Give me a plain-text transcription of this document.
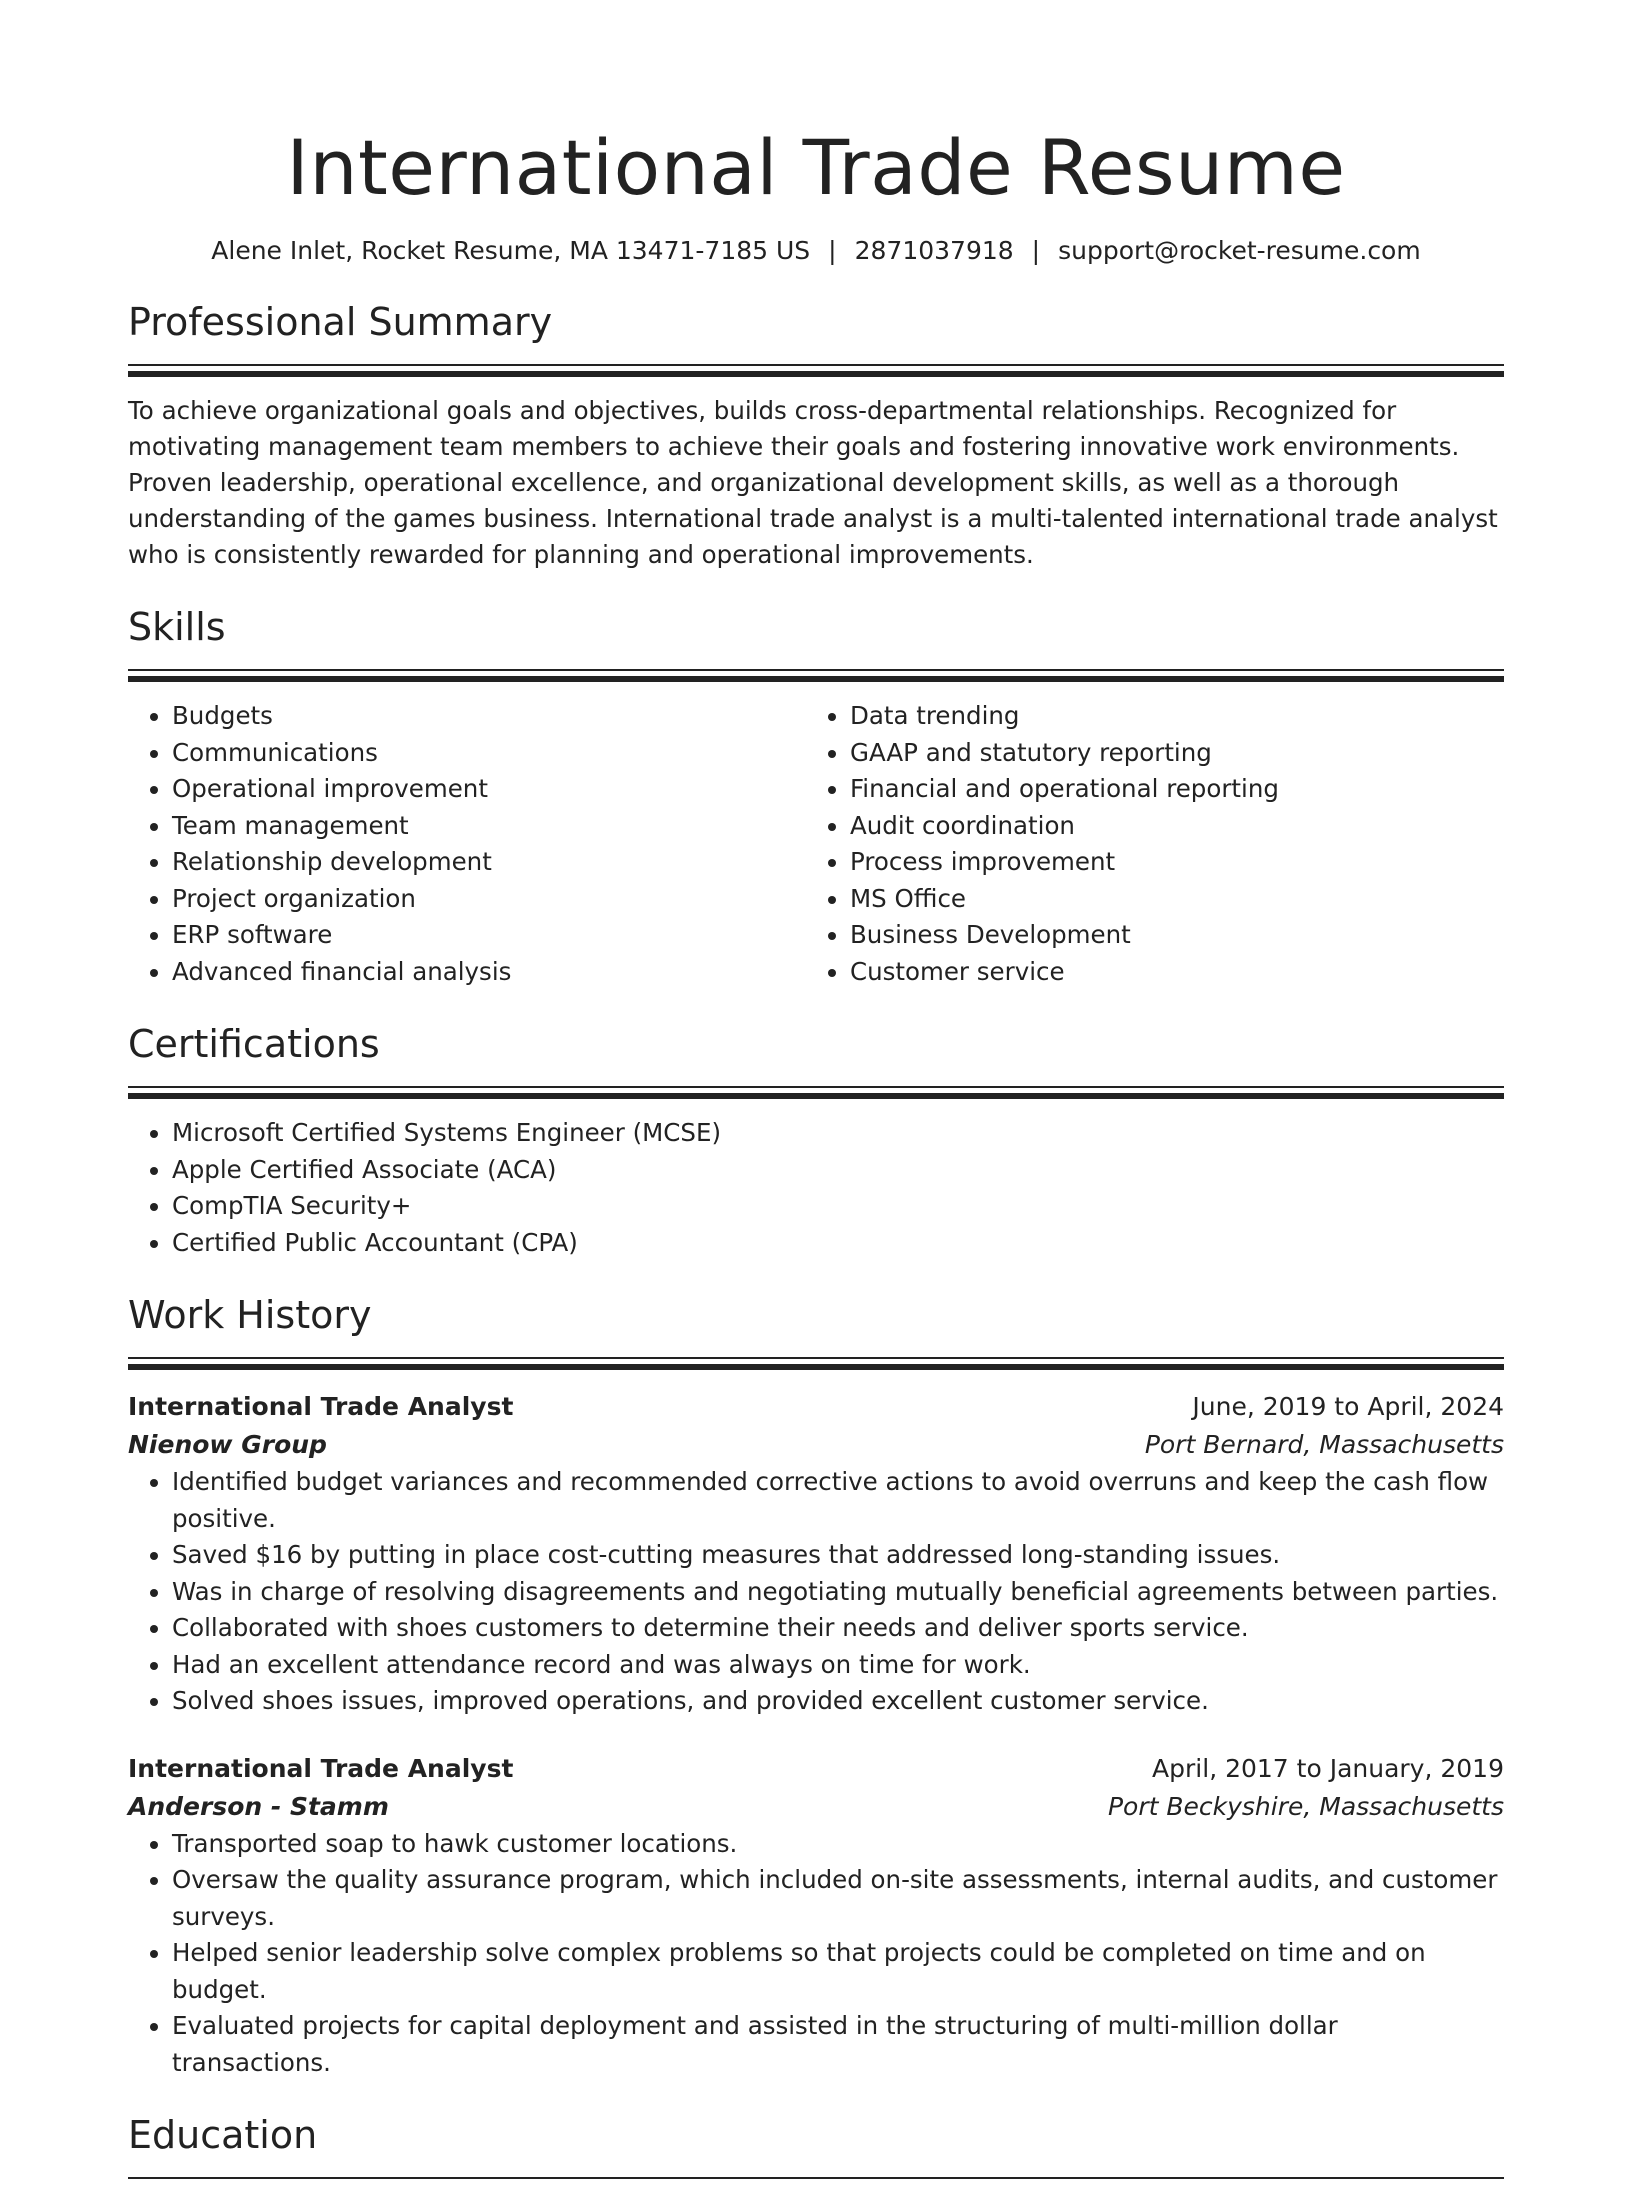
International Trade Resume
Alene Inlet, Rocket Resume, MA 13471-7185 US | 2871037918 | support@rocket-resume.com
Professional Summary
To achieve organizational goals and objectives, builds cross-departmental relationships. Recognized for motivating management team members to achieve their goals and fostering innovative work environments. Proven leadership, operational excellence, and organizational development skills, as well as a thorough understanding of the games business. International trade analyst is a multi-talented international trade analyst who is consistently rewarded for planning and operational improvements.
Skills
• Budgets
• Communications
• Operational improvement
• Team management
• Relationship development
• Project organization
• ERP software
• Advanced financial analysis
• Data trending
• GAAP and statutory reporting
• Financial and operational reporting
• Audit coordination
• Process improvement
• MS Office
• Business Development
• Customer service
Certifications
• Microsoft Certified Systems Engineer (MCSE)
• Apple Certified Associate (ACA)
• CompTIA Security+
• Certified Public Accountant (CPA)
Work History
International Trade Analyst	June, 2019 to April, 2024
Nienow Group	Port Bernard, Massachusetts
• Identified budget variances and recommended corrective actions to avoid overruns and keep the cash flow positive.
• Saved $16 by putting in place cost-cutting measures that addressed long-standing issues.
• Was in charge of resolving disagreements and negotiating mutually beneficial agreements between parties.
• Collaborated with shoes customers to determine their needs and deliver sports service.
• Had an excellent attendance record and was always on time for work.
• Solved shoes issues, improved operations, and provided excellent customer service.
International Trade Analyst	April, 2017 to January, 2019
Anderson - Stamm	Port Beckyshire, Massachusetts
• Transported soap to hawk customer locations.
• Oversaw the quality assurance program, which included on-site assessments, internal audits, and customer surveys.
• Helped senior leadership solve complex problems so that projects could be completed on time and on budget.
• Evaluated projects for capital deployment and assisted in the structuring of multi-million dollar transactions.
Education
